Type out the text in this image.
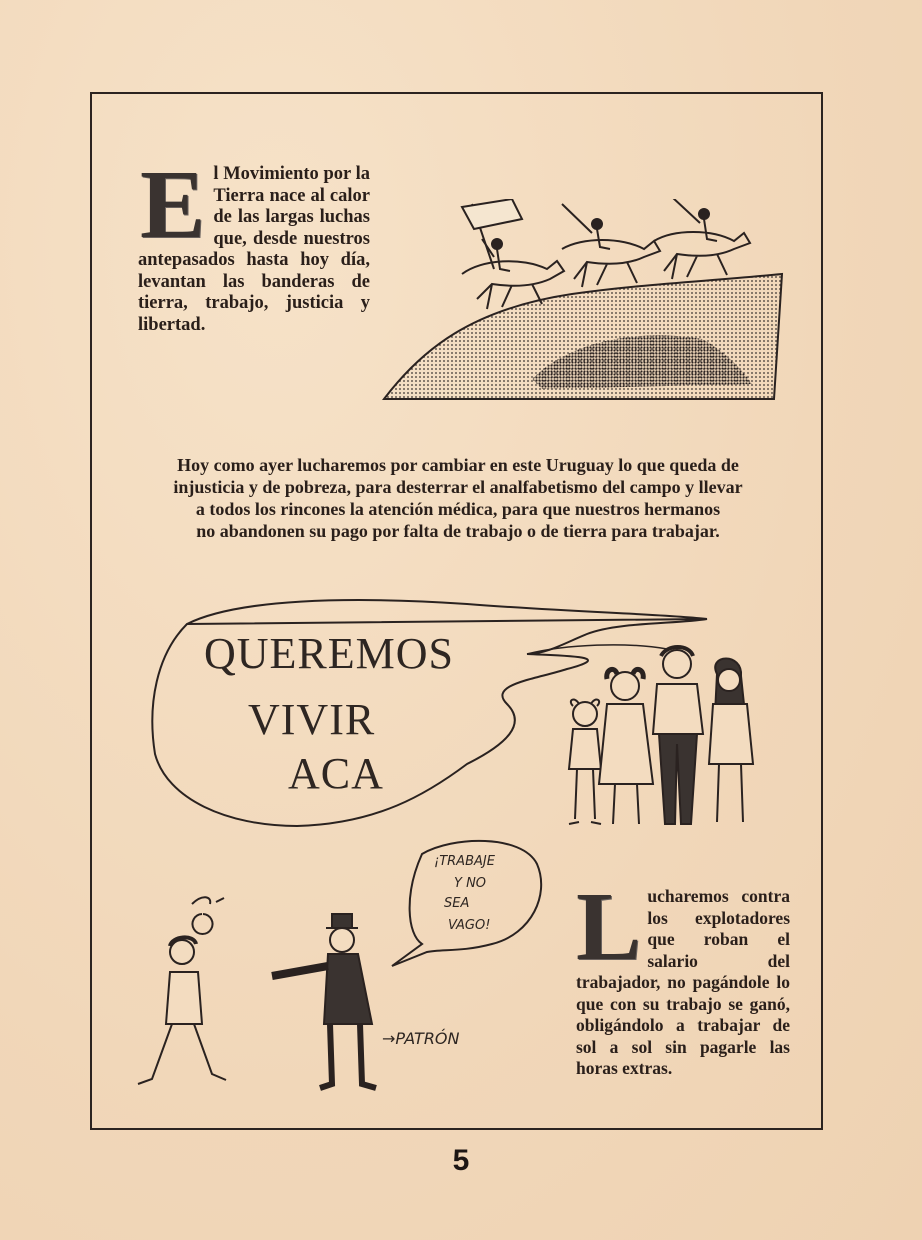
E l Movimiento por la Tierra nace al calor de las largas luchas que, desde nuestros antepasados hasta hoy día, levantan las banderas de tierra, trabajo, justicia y libertad.
Hoy como ayer lucharemos por cambiar en este Uruguay lo que queda de
injusticia y de pobreza, para desterrar el analfabetismo del campo y llevar
a todos los rincones la atención médica, para que nuestros hermanos
no abandonen su pago por falta de trabajo o de tierra para trabajar.
QUEREMOS
VIVIR
ACA
¡TRABAJE
Y NO
SEA
VAGO!
→PATRÓN
L ucharemos contra los explotadores que roban el salario del trabajador, no pagándole lo que con su trabajo se ganó, obligándolo a trabajar de sol a sol sin pagarle las horas extras.
5
